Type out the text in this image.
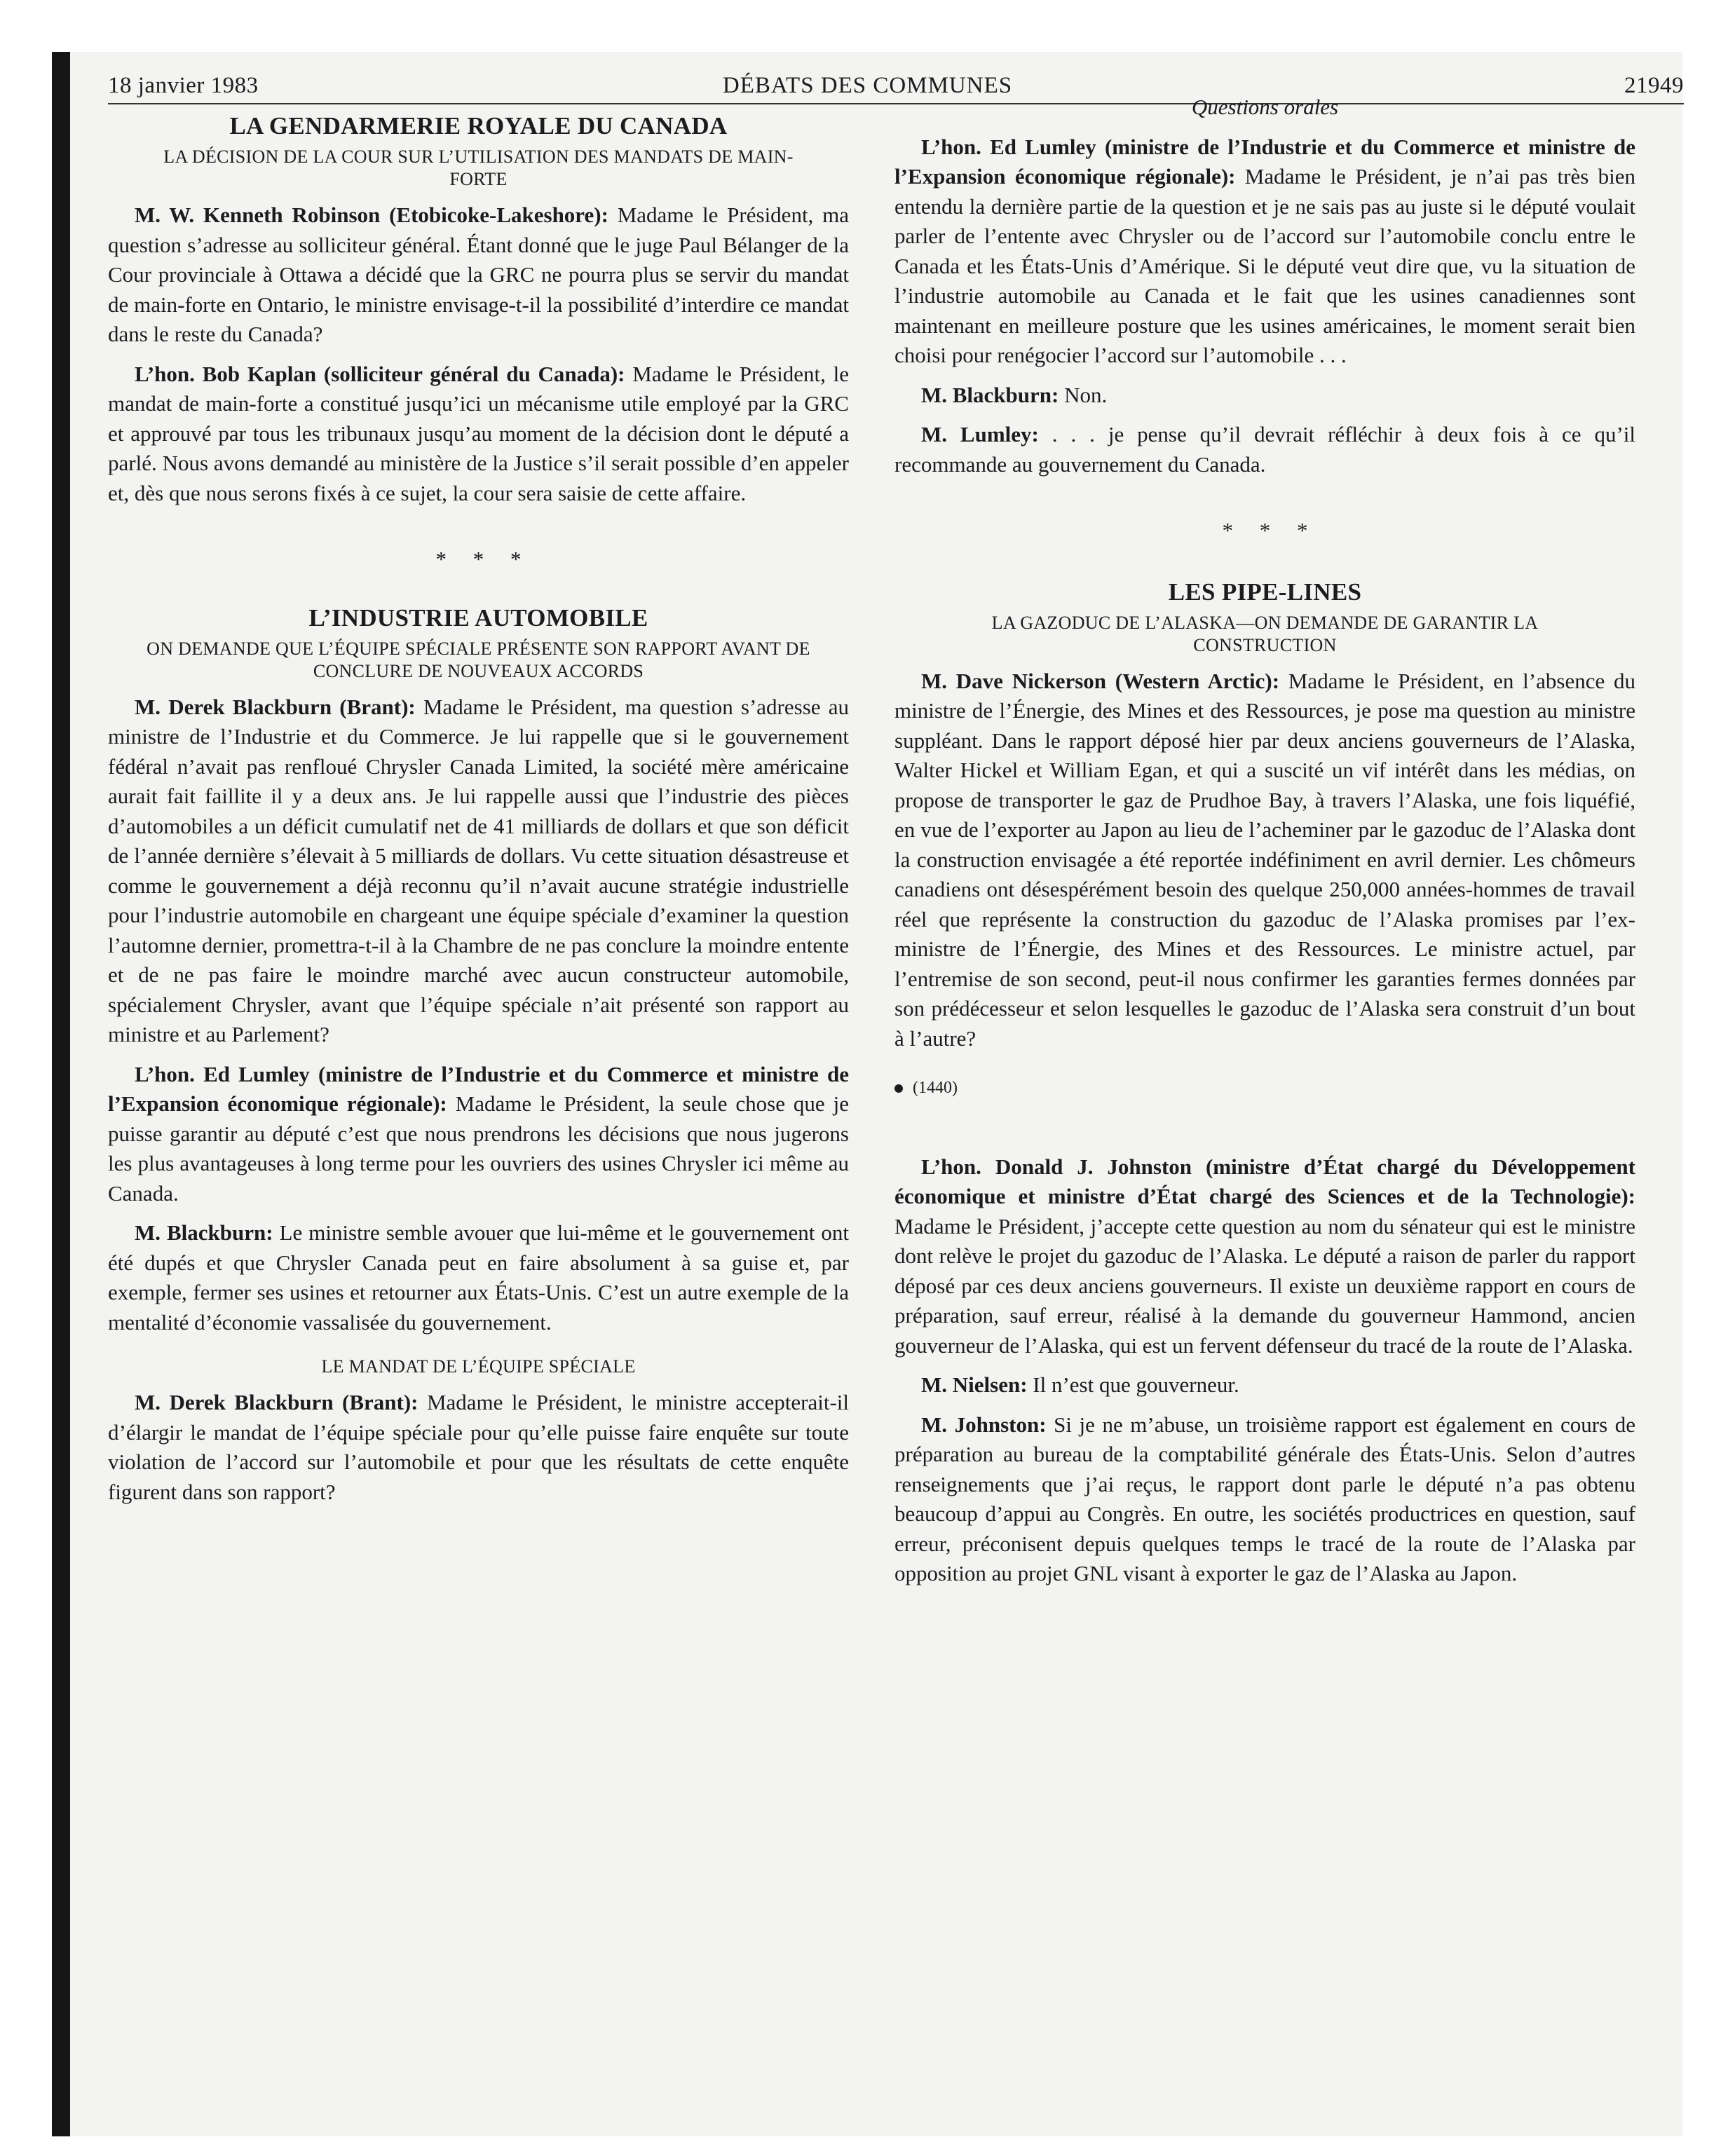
18 janvier 1983	DÉBATS DES COMMUNES	21949

LA GENDARMERIE ROYALE DU CANADA

LA DÉCISION DE LA COUR SUR L’UTILISATION DES MANDATS DE MAIN-FORTE

M. W. Kenneth Robinson (Etobicoke-Lakeshore): Madame le Président, ma question s’adresse au solliciteur général. Étant donné que le juge Paul Bélanger de la Cour provinciale à Ottawa a décidé que la GRC ne pourra plus se servir du mandat de main-forte en Ontario, le ministre envisage-t-il la possibilité d’interdire ce mandat dans le reste du Canada?

L’hon. Bob Kaplan (solliciteur général du Canada): Madame le Président, le mandat de main-forte a constitué jusqu’ici un mécanisme utile employé par la GRC et approuvé par tous les tribunaux jusqu’au moment de la décision dont le député a parlé. Nous avons demandé au ministère de la Justice s’il serait possible d’en appeler et, dès que nous serons fixés à ce sujet, la cour sera saisie de cette affaire.

* * *

L’INDUSTRIE AUTOMOBILE

ON DEMANDE QUE L’ÉQUIPE SPÉCIALE PRÉSENTE SON RAPPORT AVANT DE CONCLURE DE NOUVEAUX ACCORDS

M. Derek Blackburn (Brant): Madame le Président, ma question s’adresse au ministre de l’Industrie et du Commerce. Je lui rappelle que si le gouvernement fédéral n’avait pas renfloué Chrysler Canada Limited, la société mère américaine aurait fait faillite il y a deux ans. Je lui rappelle aussi que l’industrie des pièces d’automobiles a un déficit cumulatif net de 41 milliards de dollars et que son déficit de l’année dernière s’élevait à 5 milliards de dollars. Vu cette situation désastreuse et comme le gouvernement a déjà reconnu qu’il n’avait aucune stratégie industrielle pour l’industrie automobile en chargeant une équipe spéciale d’examiner la question l’automne dernier, promettra-t-il à la Chambre de ne pas conclure la moindre entente et de ne pas faire le moindre marché avec aucun constructeur automobile, spécialement Chrysler, avant que l’équipe spéciale n’ait présenté son rapport au ministre et au Parlement?

L’hon. Ed Lumley (ministre de l’Industrie et du Commerce et ministre de l’Expansion économique régionale): Madame le Président, la seule chose que je puisse garantir au député c’est que nous prendrons les décisions que nous jugerons les plus avantageuses à long terme pour les ouvriers des usines Chrysler ici même au Canada.

M. Blackburn: Le ministre semble avouer que lui-même et le gouvernement ont été dupés et que Chrysler Canada peut en faire absolument à sa guise et, par exemple, fermer ses usines et retourner aux États-Unis. C’est un autre exemple de la mentalité d’économie vassalisée du gouvernement.

LE MANDAT DE L’ÉQUIPE SPÉCIALE

M. Derek Blackburn (Brant): Madame le Président, le ministre accepterait-il d’élargir le mandat de l’équipe spéciale pour qu’elle puisse faire enquête sur toute violation de l’accord sur l’automobile et pour que les résultats de cette enquête figurent dans son rapport?

Questions orales

L’hon. Ed Lumley (ministre de l’Industrie et du Commerce et ministre de l’Expansion économique régionale): Madame le Président, je n’ai pas très bien entendu la dernière partie de la question et je ne sais pas au juste si le député voulait parler de l’entente avec Chrysler ou de l’accord sur l’automobile conclu entre le Canada et les États-Unis d’Amérique. Si le député veut dire que, vu la situation de l’industrie automobile au Canada et le fait que les usines canadiennes sont maintenant en meilleure posture que les usines américaines, le moment serait bien choisi pour renégocier l’accord sur l’automobile . . .

M. Blackburn: Non.

M. Lumley: . . . je pense qu’il devrait réfléchir à deux fois à ce qu’il recommande au gouvernement du Canada.

* * *

LES PIPE-LINES

LA GAZODUC DE L’ALASKA—ON DEMANDE DE GARANTIR LA CONSTRUCTION

M. Dave Nickerson (Western Arctic): Madame le Président, en l’absence du ministre de l’Énergie, des Mines et des Ressources, je pose ma question au ministre suppléant. Dans le rapport déposé hier par deux anciens gouverneurs de l’Alaska, Walter Hickel et William Egan, et qui a suscité un vif intérêt dans les médias, on propose de transporter le gaz de Prudhoe Bay, à travers l’Alaska, une fois liquéfié, en vue de l’exporter au Japon au lieu de l’acheminer par le gazoduc de l’Alaska dont la construction envisagée a été reportée indéfiniment en avril dernier. Les chômeurs canadiens ont désespérément besoin des quelque 250,000 années-hommes de travail réel que représente la construction du gazoduc de l’Alaska promises par l’ex-ministre de l’Énergie, des Mines et des Ressources. Le ministre actuel, par l’entremise de son second, peut-il nous confirmer les garanties fermes données par son prédécesseur et selon lesquelles le gazoduc de l’Alaska sera construit d’un bout à l’autre?

(1440)

L’hon. Donald J. Johnston (ministre d’État chargé du Développement économique et ministre d’État chargé des Sciences et de la Technologie): Madame le Président, j’accepte cette question au nom du sénateur qui est le ministre dont relève le projet du gazoduc de l’Alaska. Le député a raison de parler du rapport déposé par ces deux anciens gouverneurs. Il existe un deuxième rapport en cours de préparation, sauf erreur, réalisé à la demande du gouverneur Hammond, ancien gouverneur de l’Alaska, qui est un fervent défenseur du tracé de la route de l’Alaska.

M. Nielsen: Il n’est que gouverneur.

M. Johnston: Si je ne m’abuse, un troisième rapport est également en cours de préparation au bureau de la comptabilité générale des États-Unis. Selon d’autres renseignements que j’ai reçus, le rapport dont parle le député n’a pas obtenu beaucoup d’appui au Congrès. En outre, les sociétés productrices en question, sauf erreur, préconisent depuis quelques temps le tracé de la route de l’Alaska par opposition au projet GNL visant à exporter le gaz de l’Alaska au Japon.
